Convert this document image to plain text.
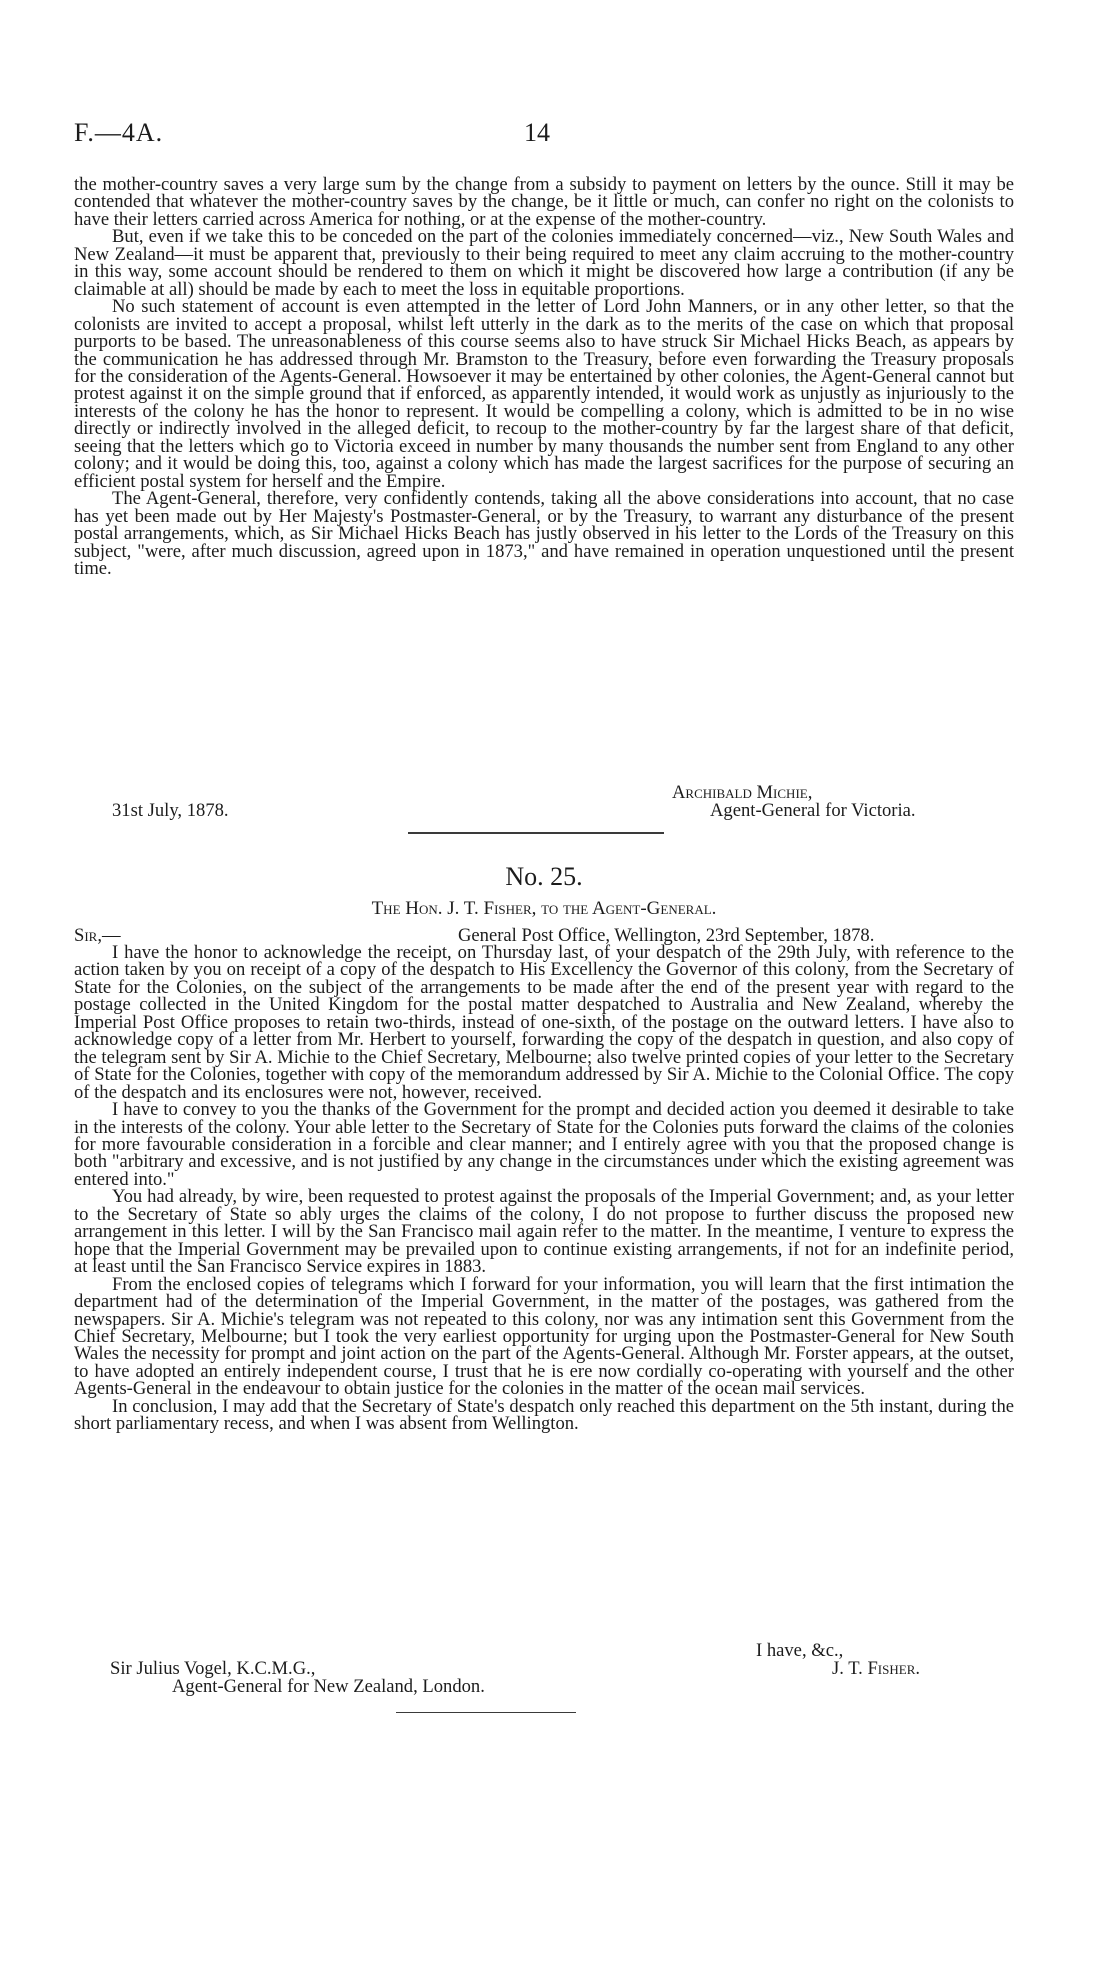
F.—4A.	14

the mother-country saves a very large sum by the change from a subsidy to payment on letters by the ounce. Still it may be contended that whatever the mother-country saves by the change, be it little or much, can confer no right on the colonists to have their letters carried across America for nothing, or at the expense of the mother-country.

But, even if we take this to be conceded on the part of the colonies immediately concerned—viz., New South Wales and New Zealand—it must be apparent that, previously to their being required to meet any claim accruing to the mother-country in this way, some account should be rendered to them on which it might be discovered how large a contribution (if any be claimable at all) should be made by each to meet the loss in equitable proportions.

No such statement of account is even attempted in the letter of Lord John Manners, or in any other letter, so that the colonists are invited to accept a proposal, whilst left utterly in the dark as to the merits of the case on which that proposal purports to be based. The unreasonableness of this course seems also to have struck Sir Michael Hicks Beach, as appears by the communication he has addressed through Mr. Bramston to the Treasury, before even forwarding the Treasury proposals for the consideration of the Agents-General. Howsoever it may be entertained by other colonies, the Agent-General cannot but protest against it on the simple ground that if enforced, as apparently intended, it would work as unjustly as injuriously to the interests of the colony he has the honor to represent. It would be compelling a colony, which is admitted to be in no wise directly or indirectly involved in the alleged deficit, to recoup to the mother-country by far the largest share of that deficit, seeing that the letters which go to Victoria exceed in number by many thousands the number sent from England to any other colony; and it would be doing this, too, against a colony which has made the largest sacrifices for the purpose of securing an efficient postal system for herself and the Empire.

The Agent-General, therefore, very confidently contends, taking all the above considerations into account, that no case has yet been made out by Her Majesty's Postmaster-General, or by the Treasury, to warrant any disturbance of the present postal arrangements, which, as Sir Michael Hicks Beach has justly observed in his letter to the Lords of the Treasury on this subject, "were, after much discussion, agreed upon in 1873," and have remained in operation unquestioned until the present time.

Archibald Michie,
31st July, 1878.	Agent-General for Victoria.
No. 25.
The Hon. J. T. Fisher, to the Agent-General.
Sir,—	General Post Office, Wellington, 23rd September, 1878.

I have the honor to acknowledge the receipt, on Thursday last, of your despatch of the 29th July, with reference to the action taken by you on receipt of a copy of the despatch to His Excellency the Governor of this colony, from the Secretary of State for the Colonies, on the subject of the arrangements to be made after the end of the present year with regard to the postage collected in the United Kingdom for the postal matter despatched to Australia and New Zealand, whereby the Imperial Post Office proposes to retain two-thirds, instead of one-sixth, of the postage on the outward letters. I have also to acknowledge copy of a letter from Mr. Herbert to yourself, forwarding the copy of the despatch in question, and also copy of the telegram sent by Sir A. Michie to the Chief Secretary, Melbourne; also twelve printed copies of your letter to the Secretary of State for the Colonies, together with copy of the memorandum addressed by Sir A. Michie to the Colonial Office. The copy of the despatch and its enclosures were not, however, received.

I have to convey to you the thanks of the Government for the prompt and decided action you deemed it desirable to take in the interests of the colony. Your able letter to the Secretary of State for the Colonies puts forward the claims of the colonies for more favourable consideration in a forcible and clear manner; and I entirely agree with you that the proposed change is both "arbitrary and excessive, and is not justified by any change in the circumstances under which the existing agreement was entered into."

You had already, by wire, been requested to protest against the proposals of the Imperial Government; and, as your letter to the Secretary of State so ably urges the claims of the colony, I do not propose to further discuss the proposed new arrangement in this letter. I will by the San Francisco mail again refer to the matter. In the meantime, I venture to express the hope that the Imperial Government may be prevailed upon to continue existing arrangements, if not for an indefinite period, at least until the San Francisco Service expires in 1883.

From the enclosed copies of telegrams which I forward for your information, you will learn that the first intimation the department had of the determination of the Imperial Government, in the matter of the postages, was gathered from the newspapers. Sir A. Michie's telegram was not repeated to this colony, nor was any intimation sent this Government from the Chief Secretary, Melbourne; but I took the very earliest opportunity for urging upon the Postmaster-General for New South Wales the necessity for prompt and joint action on the part of the Agents-General. Although Mr. Forster appears, at the outset, to have adopted an entirely independent course, I trust that he is ere now cordially co-operating with yourself and the other Agents-General in the endeavour to obtain justice for the colonies in the matter of the ocean mail services.

In conclusion, I may add that the Secretary of State's despatch only reached this department on the 5th instant, during the short parliamentary recess, and when I was absent from Wellington.

I have, &c.,
Sir Julius Vogel, K.C.M.G.,	J. T. Fisher.
Agent-General for New Zealand, London.
